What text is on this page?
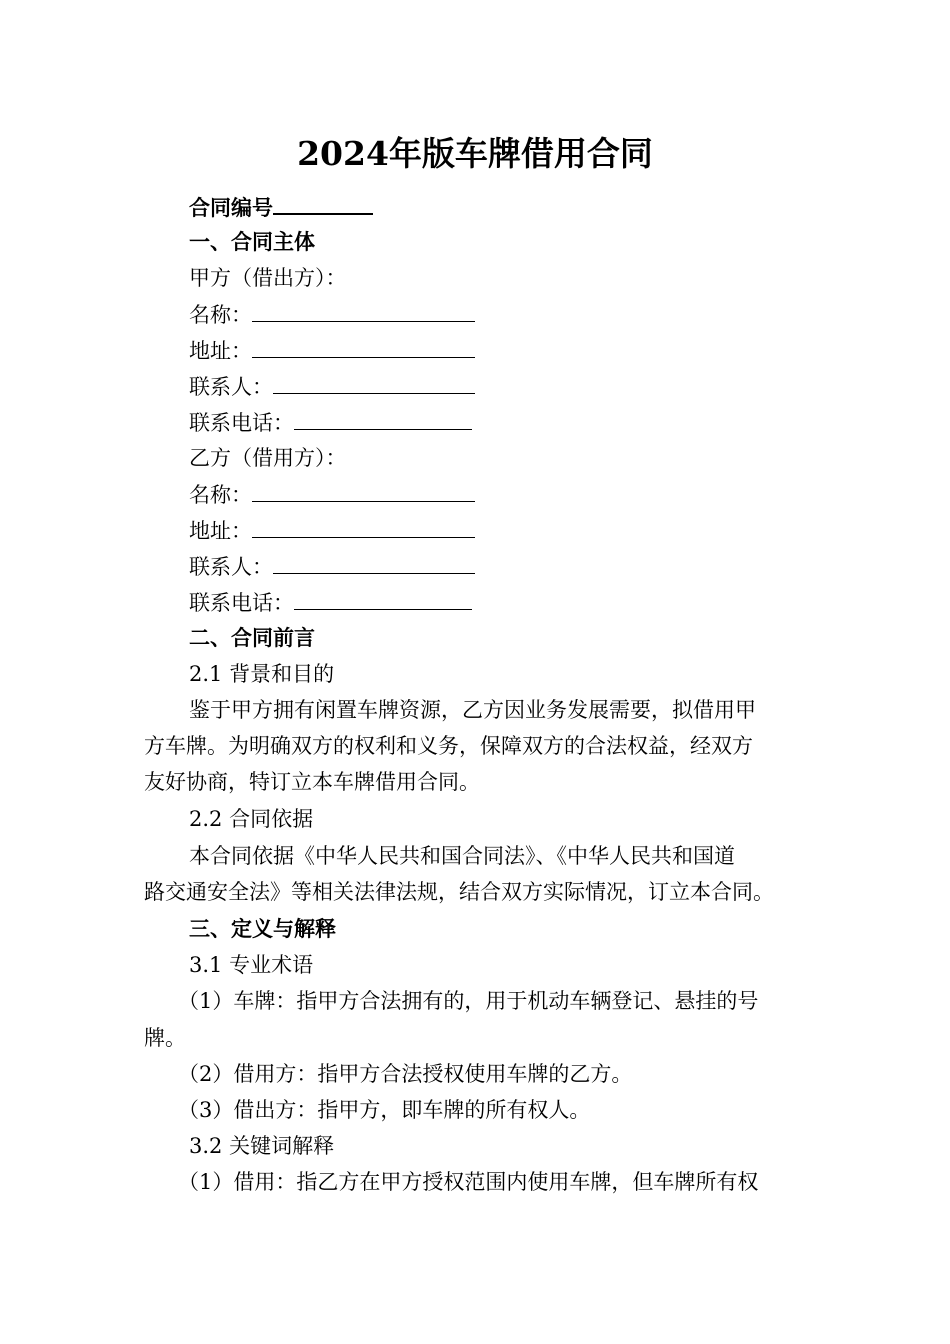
2024年版车牌借用合同
合同编号
一、合同主体
甲方（借出方）：
名称：
地址：
联系人：
联系电话：
乙方（借用方）：
名称：
地址：
联系人：
联系电话：
二、合同前言
2.1 背景和目的
鉴于甲方拥有闲置车牌资源，乙方因业务发展需要，拟借用甲
方车牌。为明确双方的权利和义务，保障双方的合法权益，经双方
友好协商，特订立本车牌借用合同。
2.2 合同依据
本合同依据《中华人民共和国合同法》、《中华人民共和国道
路交通安全法》等相关法律法规，结合双方实际情况，订立本合同。
三、定义与解释
3.1 专业术语
（1）车牌：指甲方合法拥有的，用于机动车辆登记、悬挂的号
牌。
（2）借用方：指甲方合法授权使用车牌的乙方。
（3）借出方：指甲方，即车牌的所有权人。
3.2 关键词解释
（1）借用：指乙方在甲方授权范围内使用车牌，但车牌所有权
